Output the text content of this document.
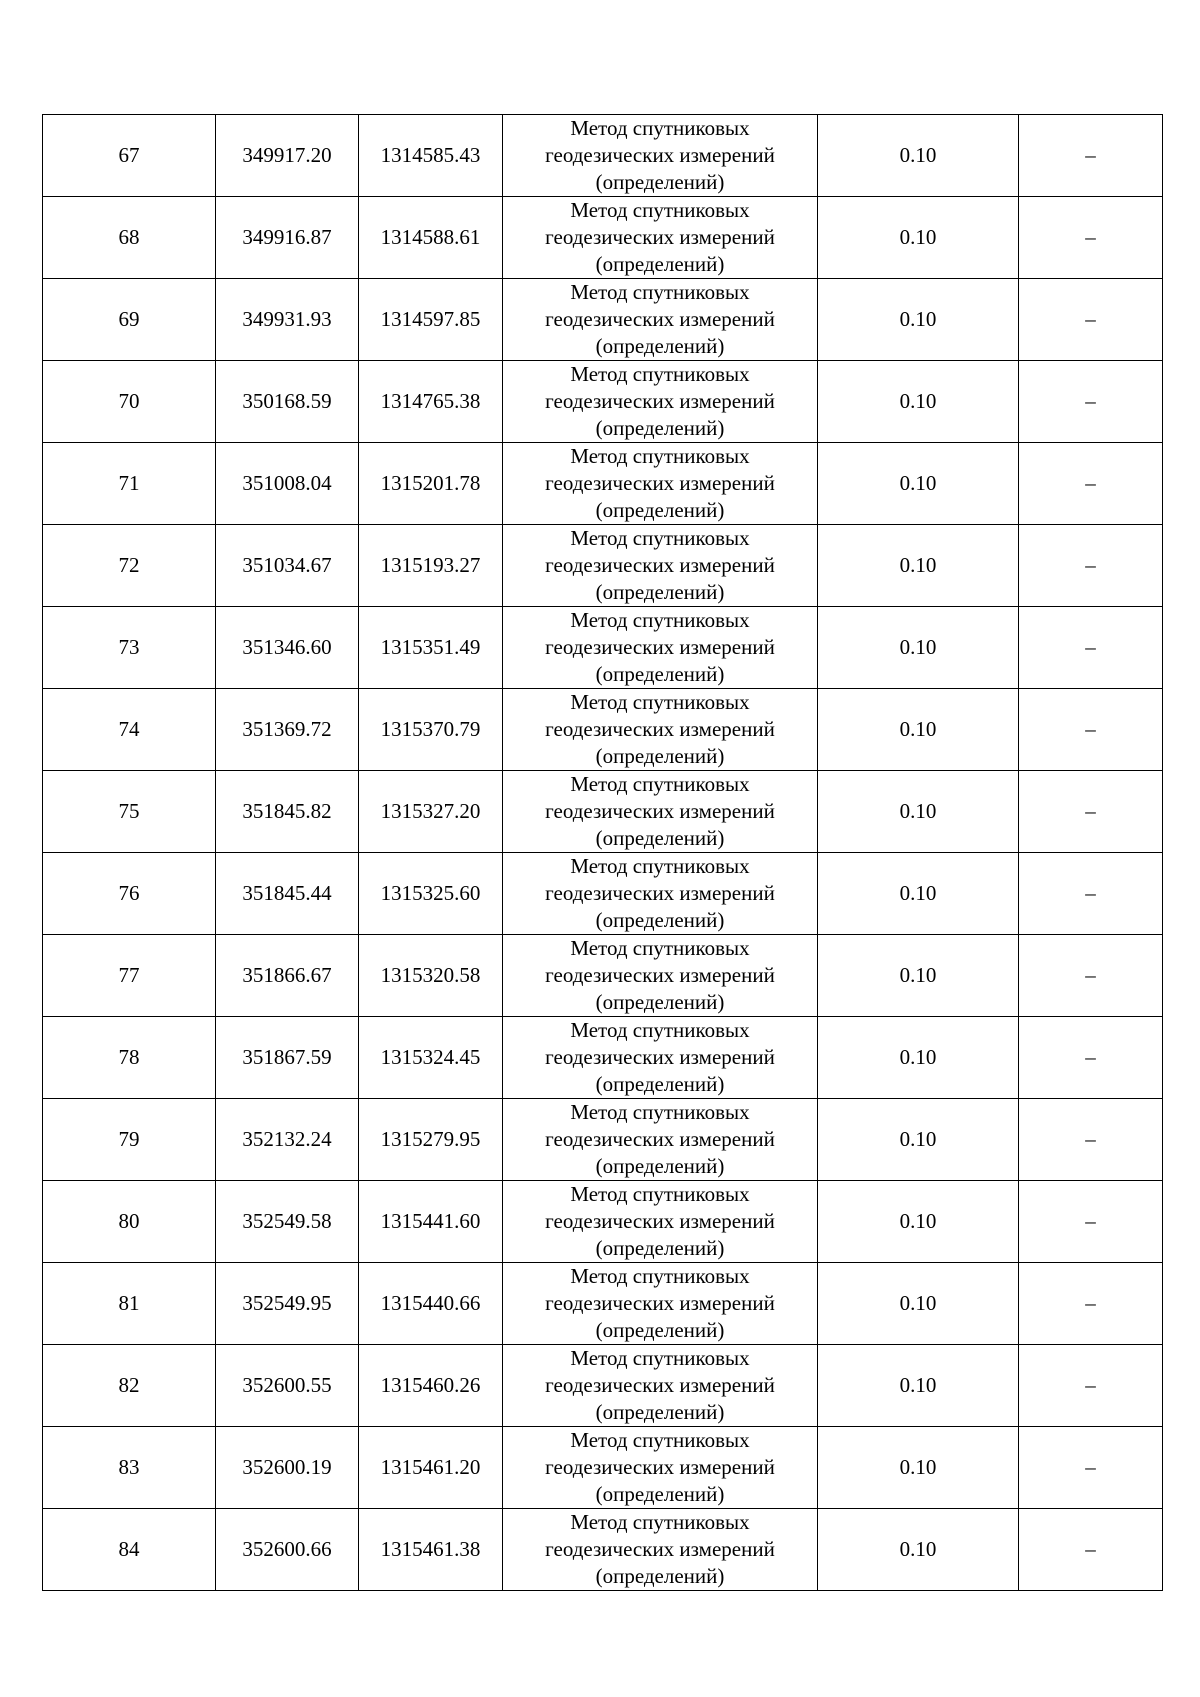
67	349917.20	1314585.43	Метод спутниковых
геодезических измерений
(определений)	0.10	–
68	349916.87	1314588.61	Метод спутниковых
геодезических измерений
(определений)	0.10	–
69	349931.93	1314597.85	Метод спутниковых
геодезических измерений
(определений)	0.10	–
70	350168.59	1314765.38	Метод спутниковых
геодезических измерений
(определений)	0.10	–
71	351008.04	1315201.78	Метод спутниковых
геодезических измерений
(определений)	0.10	–
72	351034.67	1315193.27	Метод спутниковых
геодезических измерений
(определений)	0.10	–
73	351346.60	1315351.49	Метод спутниковых
геодезических измерений
(определений)	0.10	–
74	351369.72	1315370.79	Метод спутниковых
геодезических измерений
(определений)	0.10	–
75	351845.82	1315327.20	Метод спутниковых
геодезических измерений
(определений)	0.10	–
76	351845.44	1315325.60	Метод спутниковых
геодезических измерений
(определений)	0.10	–
77	351866.67	1315320.58	Метод спутниковых
геодезических измерений
(определений)	0.10	–
78	351867.59	1315324.45	Метод спутниковых
геодезических измерений
(определений)	0.10	–
79	352132.24	1315279.95	Метод спутниковых
геодезических измерений
(определений)	0.10	–
80	352549.58	1315441.60	Метод спутниковых
геодезических измерений
(определений)	0.10	–
81	352549.95	1315440.66	Метод спутниковых
геодезических измерений
(определений)	0.10	–
82	352600.55	1315460.26	Метод спутниковых
геодезических измерений
(определений)	0.10	–
83	352600.19	1315461.20	Метод спутниковых
геодезических измерений
(определений)	0.10	–
84	352600.66	1315461.38	Метод спутниковых
геодезических измерений
(определений)	0.10	–
